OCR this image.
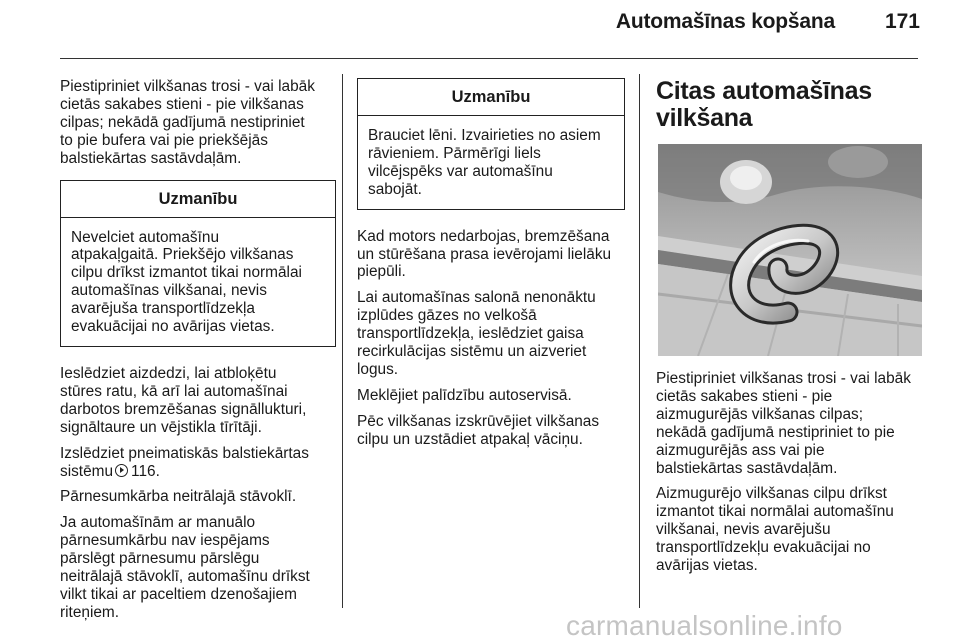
Automašīnas kopšana 171

Piestipriniet vilkšanas trosi - vai labāk
cietās sakabes stieni - pie vilkšanas
cilpas; nekādā gadījumā nestipriniet
to pie bufera vai pie priekšējās
balstiekārtas sastāvdaļām.

Uzmanību
Nevelciet automašīnu
atpakaļgaitā. Priekšējo vilkšanas
cilpu drīkst izmantot tikai normālai
automašīnas vilkšanai, nevis
avarējuša transportlīdzekļa
evakuācijai no avārijas vietas.

Ieslēdziet aizdedzi, lai atbloķētu
stūres ratu, kā arī lai automašīnai
darbotos bremzēšanas signāllukturi,
signāltaure un vējstikla tīrītāji.

Izslēdziet pneimatiskās balstiekārtas
sistēmu 116.

Pārnesumkārba neitrālajā stāvoklī.

Ja automašīnām ar manuālo
pārnesumkārbu nav iespējams
pārslēgt pārnesumu pārslēgu
neitrālajā stāvoklī, automašīnu drīkst
vilkt tikai ar paceltiem dzenošajiem
riteņiem.

Uzmanību
Brauciet lēni. Izvairieties no asiem
rāvieniem. Pārmērīgi liels
vilcējspēks var automašīnu
sabojāt.

Kad motors nedarbojas, bremzēšana
un stūrēšana prasa ievērojami lielāku
piepūli.

Lai automašīnas salonā nenonāktu
izplūdes gāzes no velkošā
transportlīdzekļa, ieslēdziet gaisa
recirkulācijas sistēmu un aizveriet
logus.

Meklējiet palīdzību autoservisā.

Pēc vilkšanas izskrūvējiet vilkšanas
cilpu un uzstādiet atpakaļ vāciņu.

Citas automašīnas
vilkšana

Piestipriniet vilkšanas trosi - vai labāk
cietās sakabes stieni - pie
aizmugurējās vilkšanas cilpas;
nekādā gadījumā nestipriniet to pie
aizmugurējās ass vai pie
balstiekārtas sastāvdaļām.

Aizmugurējo vilkšanas cilpu drīkst
izmantot tikai normālai automašīnu
vilkšanai, nevis avarējušu
transportlīdzekļu evakuācijai no
avārijas vietas.

carmanualsonline.info
